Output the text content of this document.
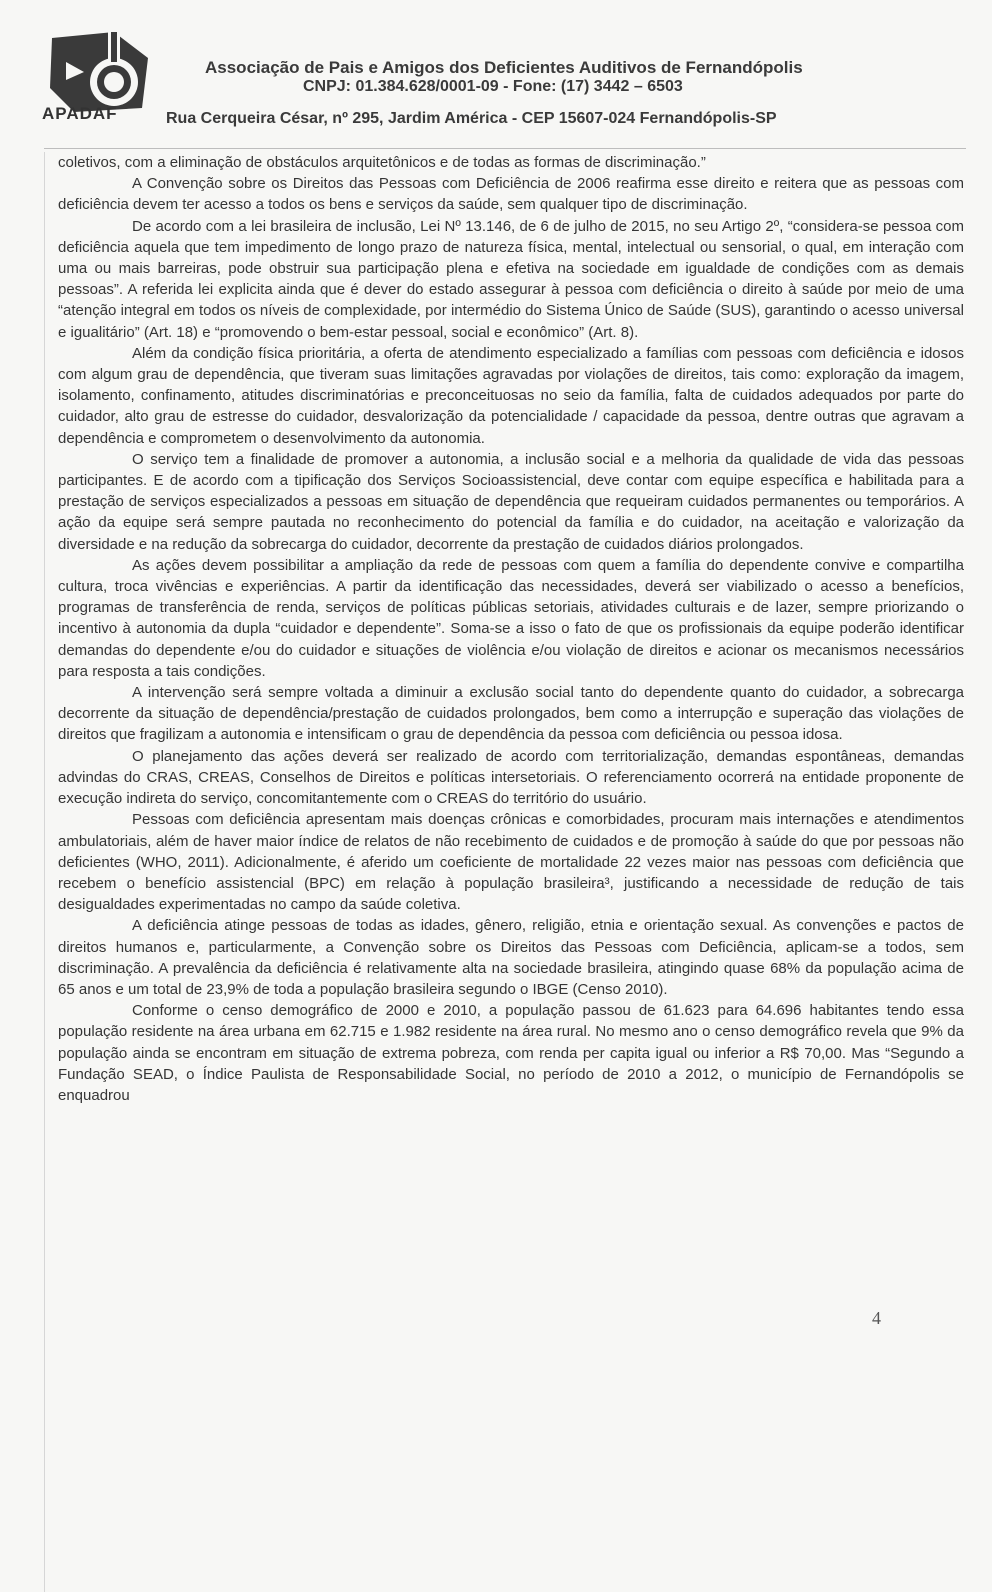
APADAF
Associação de Pais e Amigos dos Deficientes Auditivos de Fernandópolis
CNPJ: 01.384.628/0001-09 - Fone: (17) 3442 – 6503
Rua Cerqueira César, nº 295, Jardim América - CEP 15607-024 Fernandópolis-SP

coletivos, com a eliminação de obstáculos arquitetônicos e de todas as formas de discriminação.”

A Convenção sobre os Direitos das Pessoas com Deficiência de 2006 reafirma esse direito e reitera que as pessoas com deficiência devem ter acesso a todos os bens e serviços da saúde, sem qualquer tipo de discriminação.

De acordo com a lei brasileira de inclusão, Lei Nº 13.146, de 6 de julho de 2015, no seu Artigo 2º, “considera-se pessoa com deficiência aquela que tem impedimento de longo prazo de natureza física, mental, intelectual ou sensorial, o qual, em interação com uma ou mais barreiras, pode obstruir sua participação plena e efetiva na sociedade em igualdade de condições com as demais pessoas”. A referida lei explicita ainda que é dever do estado assegurar à pessoa com deficiência o direito à saúde por meio de uma “atenção integral em todos os níveis de complexidade, por intermédio do Sistema Único de Saúde (SUS), garantindo o acesso universal e igualitário” (Art. 18) e “promovendo o bem-estar pessoal, social e econômico” (Art. 8).

Além da condição física prioritária, a oferta de atendimento especializado a famílias com pessoas com deficiência e idosos com algum grau de dependência, que tiveram suas limitações agravadas por violações de direitos, tais como: exploração da imagem, isolamento, confinamento, atitudes discriminatórias e preconceituosas no seio da família, falta de cuidados adequados por parte do cuidador, alto grau de estresse do cuidador, desvalorização da potencialidade / capacidade da pessoa, dentre outras que agravam a dependência e comprometem o desenvolvimento da autonomia.

O serviço tem a finalidade de promover a autonomia, a inclusão social e a melhoria da qualidade de vida das pessoas participantes. E de acordo com a tipificação dos Serviços Socioassistencial, deve contar com equipe específica e habilitada para a prestação de serviços especializados a pessoas em situação de dependência que requeiram cuidados permanentes ou temporários. A ação da equipe será sempre pautada no reconhecimento do potencial da família e do cuidador, na aceitação e valorização da diversidade e na redução da sobrecarga do cuidador, decorrente da prestação de cuidados diários prolongados.

As ações devem possibilitar a ampliação da rede de pessoas com quem a família do dependente convive e compartilha cultura, troca vivências e experiências. A partir da identificação das necessidades, deverá ser viabilizado o acesso a benefícios, programas de transferência de renda, serviços de políticas públicas setoriais, atividades culturais e de lazer, sempre priorizando o incentivo à autonomia da dupla “cuidador e dependente”. Soma-se a isso o fato de que os profissionais da equipe poderão identificar demandas do dependente e/ou do cuidador e situações de violência e/ou violação de direitos e acionar os mecanismos necessários para resposta a tais condições.

A intervenção será sempre voltada a diminuir a exclusão social tanto do dependente quanto do cuidador, a sobrecarga decorrente da situação de dependência/prestação de cuidados prolongados, bem como a interrupção e superação das violações de direitos que fragilizam a autonomia e intensificam o grau de dependência da pessoa com deficiência ou pessoa idosa.

O planejamento das ações deverá ser realizado de acordo com territorialização, demandas espontâneas, demandas advindas do CRAS, CREAS, Conselhos de Direitos e políticas intersetoriais. O referenciamento ocorrerá na entidade proponente de execução indireta do serviço, concomitantemente com o CREAS do território do usuário.

Pessoas com deficiência apresentam mais doenças crônicas e comorbidades, procuram mais internações e atendimentos ambulatoriais, além de haver maior índice de relatos de não recebimento de cuidados e de promoção à saúde do que por pessoas não deficientes (WHO, 2011). Adicionalmente, é aferido um coeficiente de mortalidade 22 vezes maior nas pessoas com deficiência que recebem o benefício assistencial (BPC) em relação à população brasileira³, justificando a necessidade de redução de tais desigualdades experimentadas no campo da saúde coletiva.

A deficiência atinge pessoas de todas as idades, gênero, religião, etnia e orientação sexual. As convenções e pactos de direitos humanos e, particularmente, a Convenção sobre os Direitos das Pessoas com Deficiência, aplicam-se a todos, sem discriminação. A prevalência da deficiência é relativamente alta na sociedade brasileira, atingindo quase 68% da população acima de 65 anos e um total de 23,9% de toda a população brasileira segundo o IBGE (Censo 2010).

Conforme o censo demográfico de 2000 e 2010, a população passou de 61.623 para 64.696 habitantes tendo essa população residente na área urbana em 62.715 e 1.982 residente na área rural. No mesmo ano o censo demográfico revela que 9% da população ainda se encontram em situação de extrema pobreza, com renda per capita igual ou inferior a R$ 70,00. Mas “Segundo a Fundação SEAD, o Índice Paulista de Responsabilidade Social, no período de 2010 a 2012, o município de Fernandópolis se enquadrou

4
